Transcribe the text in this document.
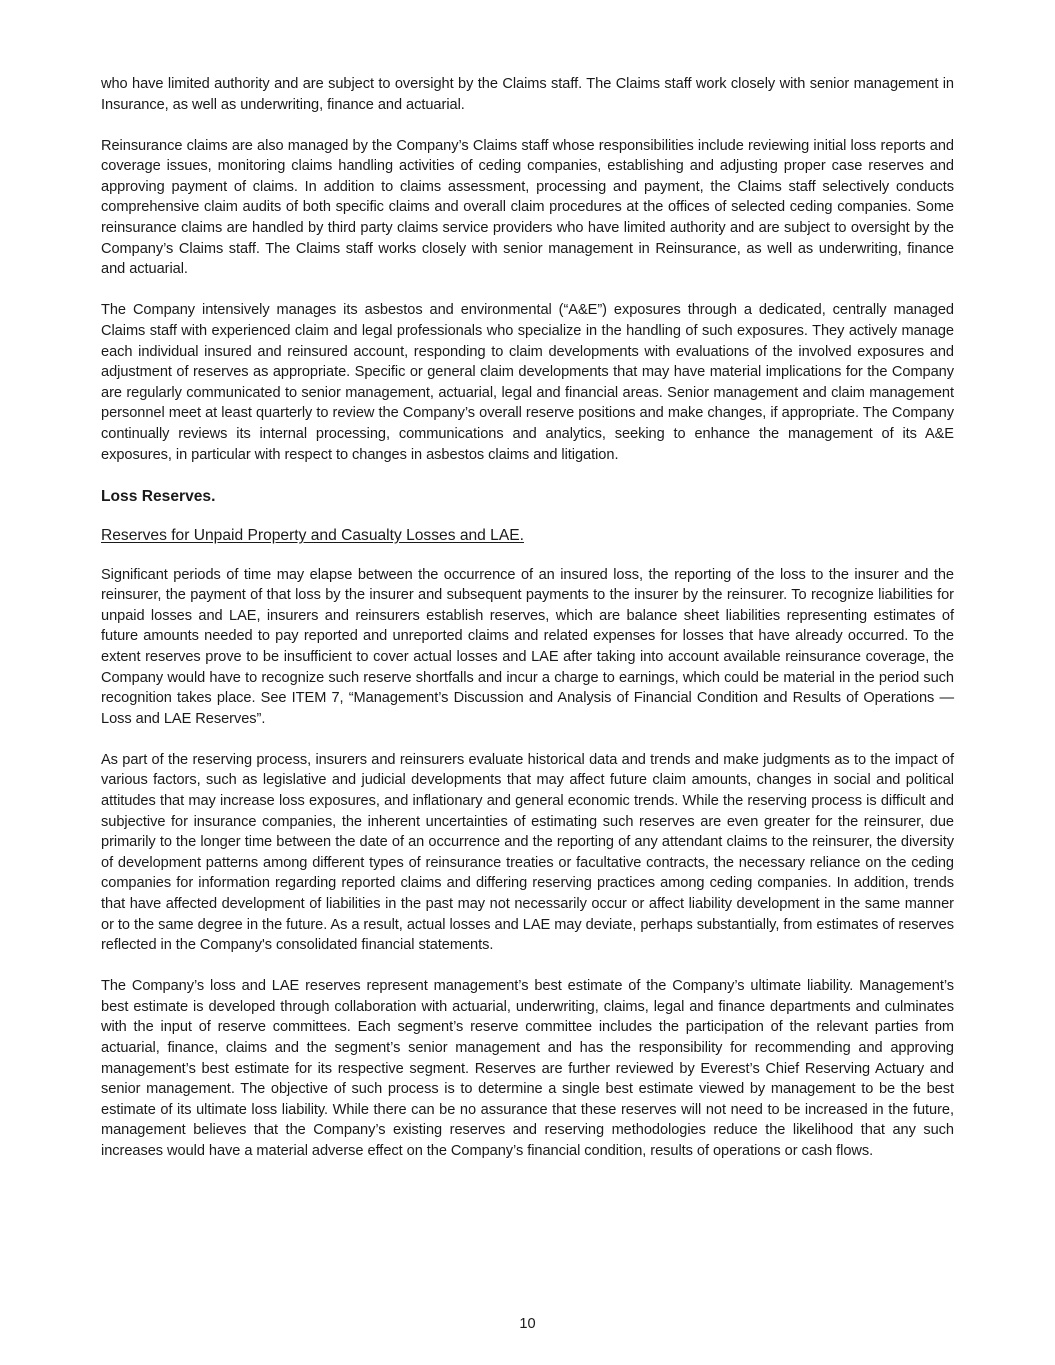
who have limited authority and are subject to oversight by the Claims staff. The Claims staff work closely with senior management in Insurance, as well as underwriting, finance and actuarial.

Reinsurance claims are also managed by the Company’s Claims staff whose responsibilities include reviewing initial loss reports and coverage issues, monitoring claims handling activities of ceding companies, establishing and adjusting proper case reserves and approving payment of claims. In addition to claims assessment, processing and payment, the Claims staff selectively conducts comprehensive claim audits of both specific claims and overall claim procedures at the offices of selected ceding companies. Some reinsurance claims are handled by third party claims service providers who have limited authority and are subject to oversight by the Company’s Claims staff. The Claims staff works closely with senior management in Reinsurance, as well as underwriting, finance and actuarial.

The Company intensively manages its asbestos and environmental (“A&E”) exposures through a dedicated, centrally managed Claims staff with experienced claim and legal professionals who specialize in the handling of such exposures. They actively manage each individual insured and reinsured account, responding to claim developments with evaluations of the involved exposures and adjustment of reserves as appropriate. Specific or general claim developments that may have material implications for the Company are regularly communicated to senior management, actuarial, legal and financial areas. Senior management and claim management personnel meet at least quarterly to review the Company’s overall reserve positions and make changes, if appropriate. The Company continually reviews its internal processing, communications and analytics, seeking to enhance the management of its A&E exposures, in particular with respect to changes in asbestos claims and litigation.

Loss Reserves.
Reserves for Unpaid Property and Casualty Losses and LAE.

Significant periods of time may elapse between the occurrence of an insured loss, the reporting of the loss to the insurer and the reinsurer, the payment of that loss by the insurer and subsequent payments to the insurer by the reinsurer. To recognize liabilities for unpaid losses and LAE, insurers and reinsurers establish reserves, which are balance sheet liabilities representing estimates of future amounts needed to pay reported and unreported claims and related expenses for losses that have already occurred. To the extent reserves prove to be insufficient to cover actual losses and LAE after taking into account available reinsurance coverage, the Company would have to recognize such reserve shortfalls and incur a charge to earnings, which could be material in the period such recognition takes place. See ITEM 7, “Management’s Discussion and Analysis of Financial Condition and Results of Operations — Loss and LAE Reserves”.

As part of the reserving process, insurers and reinsurers evaluate historical data and trends and make judgments as to the impact of various factors, such as legislative and judicial developments that may affect future claim amounts, changes in social and political attitudes that may increase loss exposures, and inflationary and general economic trends. While the reserving process is difficult and subjective for insurance companies, the inherent uncertainties of estimating such reserves are even greater for the reinsurer, due primarily to the longer time between the date of an occurrence and the reporting of any attendant claims to the reinsurer, the diversity of development patterns among different types of reinsurance treaties or facultative contracts, the necessary reliance on the ceding companies for information regarding reported claims and differing reserving practices among ceding companies. In addition, trends that have affected development of liabilities in the past may not necessarily occur or affect liability development in the same manner or to the same degree in the future. As a result, actual losses and LAE may deviate, perhaps substantially, from estimates of reserves reflected in the Company's consolidated financial statements.

The Company’s loss and LAE reserves represent management’s best estimate of the Company’s ultimate liability. Management’s best estimate is developed through collaboration with actuarial, underwriting, claims, legal and finance departments and culminates with the input of reserve committees. Each segment’s reserve committee includes the participation of the relevant parties from actuarial, finance, claims and the segment’s senior management and has the responsibility for recommending and approving management’s best estimate for its respective segment. Reserves are further reviewed by Everest’s Chief Reserving Actuary and senior management. The objective of such process is to determine a single best estimate viewed by management to be the best estimate of its ultimate loss liability. While there can be no assurance that these reserves will not need to be increased in the future, management believes that the Company’s existing reserves and reserving methodologies reduce the likelihood that any such increases would have a material adverse effect on the Company’s financial condition, results of operations or cash flows.

10
